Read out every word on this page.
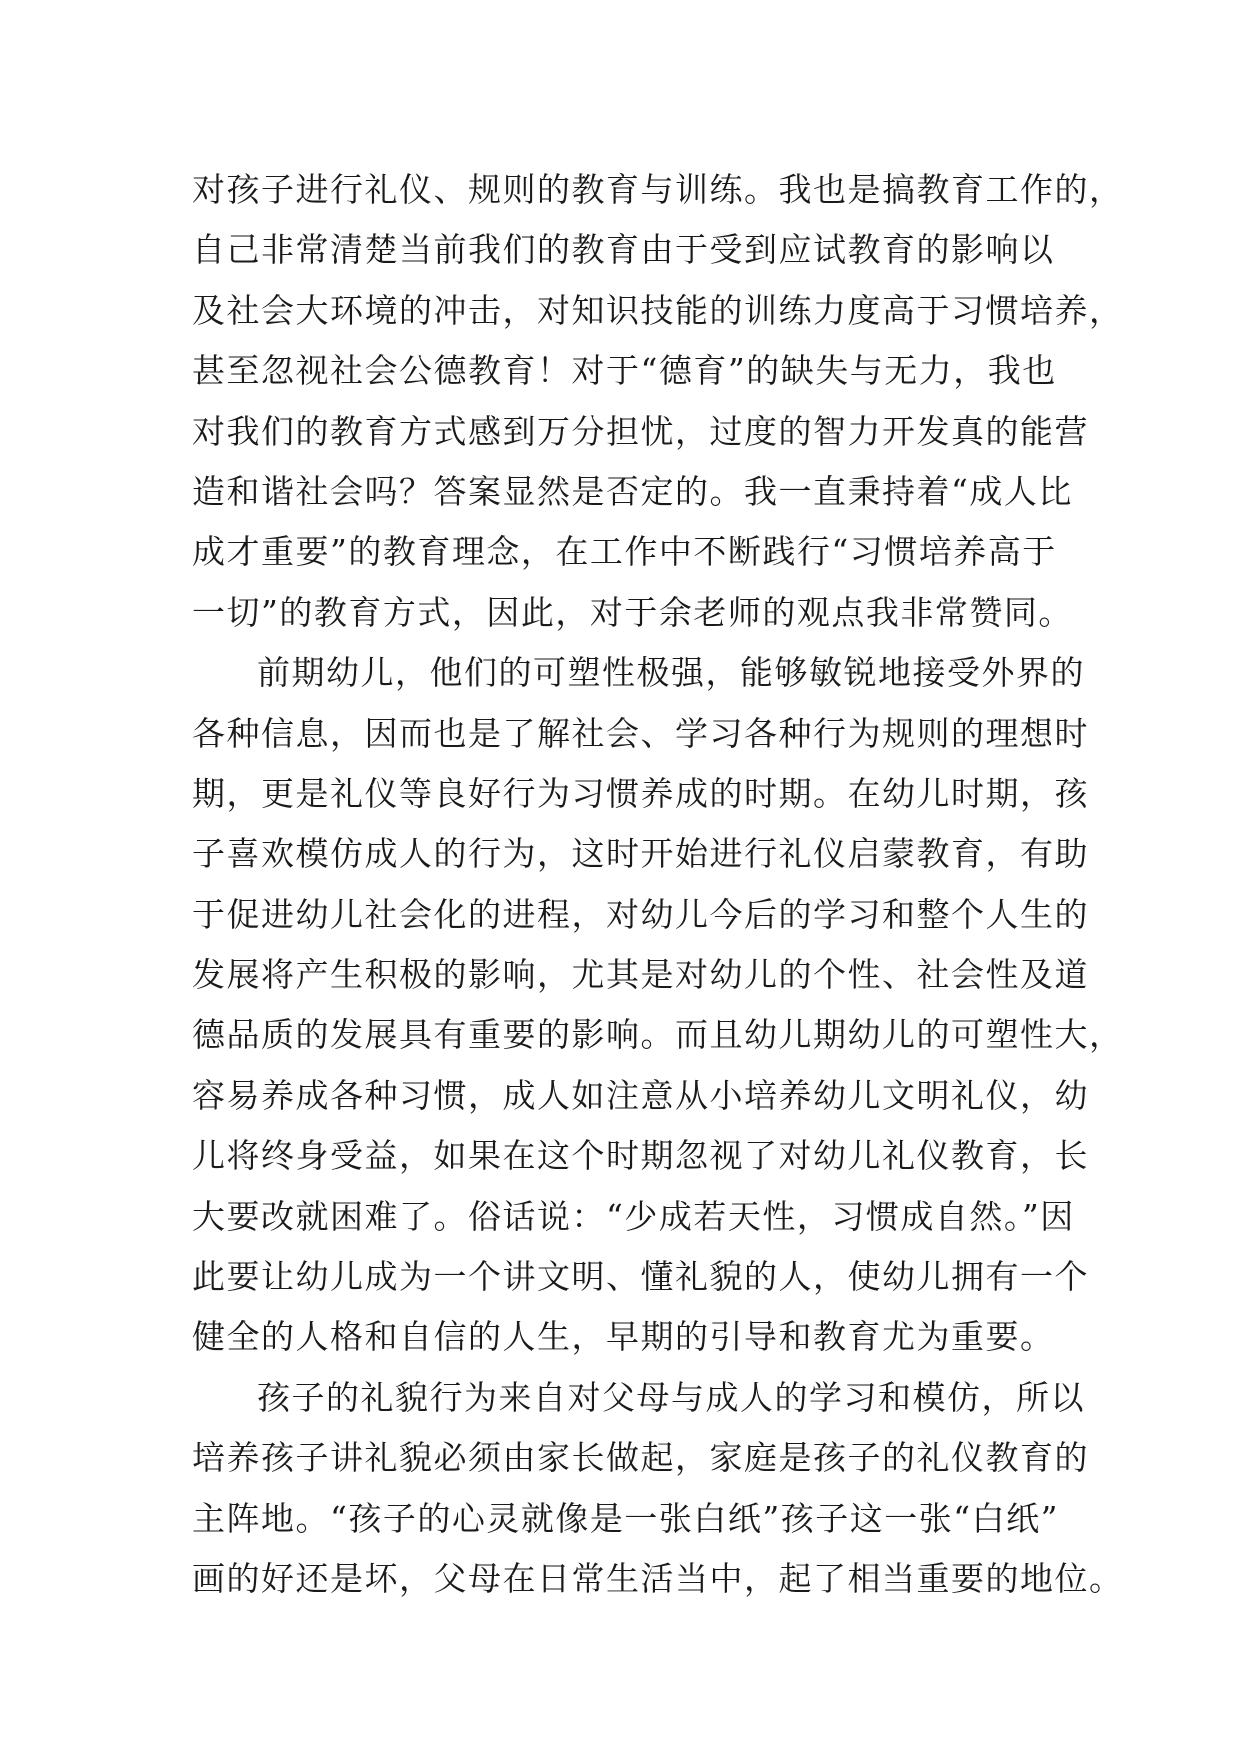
对孩子进行礼仪、规则的教育与训练。我也是搞教育工作的，
自己非常清楚当前我们的教育由于受到应试教育的影响以
及社会大环境的冲击，对知识技能的训练力度高于习惯培养，
甚至忽视社会公德教育！对于“德育”的缺失与无力，我也
对我们的教育方式感到万分担忧，过度的智力开发真的能营
造和谐社会吗？答案显然是否定的。我一直秉持着“成人比
成才重要”的教育理念，在工作中不断践行“习惯培养高于
一切”的教育方式，因此，对于余老师的观点我非常赞同。
前期幼儿，他们的可塑性极强，能够敏锐地接受外界的
各种信息，因而也是了解社会、学习各种行为规则的理想时
期，更是礼仪等良好行为习惯养成的时期。在幼儿时期，孩
子喜欢模仿成人的行为，这时开始进行礼仪启蒙教育，有助
于促进幼儿社会化的进程，对幼儿今后的学习和整个人生的
发展将产生积极的影响，尤其是对幼儿的个性、社会性及道
德品质的发展具有重要的影响。而且幼儿期幼儿的可塑性大，
容易养成各种习惯，成人如注意从小培养幼儿文明礼仪，幼
儿将终身受益，如果在这个时期忽视了对幼儿礼仪教育，长
大要改就困难了。俗话说：“少成若天性，习惯成自然。”因
此要让幼儿成为一个讲文明、懂礼貌的人，使幼儿拥有一个
健全的人格和自信的人生，早期的引导和教育尤为重要。
孩子的礼貌行为来自对父母与成人的学习和模仿，所以
培养孩子讲礼貌必须由家长做起，家庭是孩子的礼仪教育的
主阵地。“孩子的心灵就像是一张白纸”孩子这一张“白纸”
画的好还是坏，父母在日常生活当中，起了相当重要的地位。
